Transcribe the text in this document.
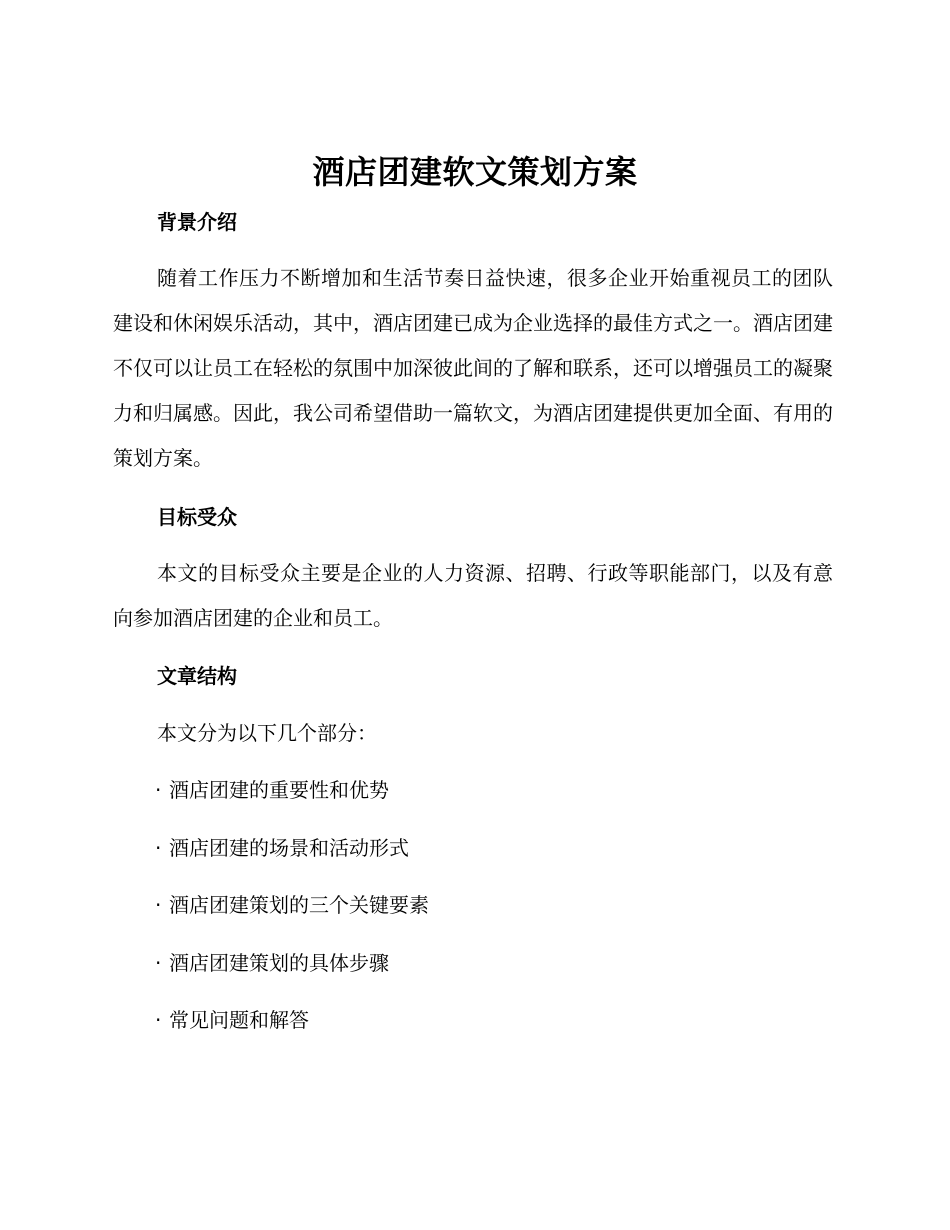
酒店团建软文策划方案
背景介绍
随着工作压力不断增加和生活节奏日益快速，很多企业开始重视员工的团队建设和休闲娱乐活动，其中，酒店团建已成为企业选择的最佳方式之一。酒店团建不仅可以让员工在轻松的氛围中加深彼此间的了解和联系，还可以增强员工的凝聚力和归属感。因此，我公司希望借助一篇软文，为酒店团建提供更加全面、有用的策划方案。
目标受众
本文的目标受众主要是企业的人力资源、招聘、行政等职能部门，以及有意向参加酒店团建的企业和员工。
文章结构
本文分为以下几个部分：
· 酒店团建的重要性和优势
· 酒店团建的场景和活动形式
· 酒店团建策划的三个关键要素
· 酒店团建策划的具体步骤
· 常见问题和解答
